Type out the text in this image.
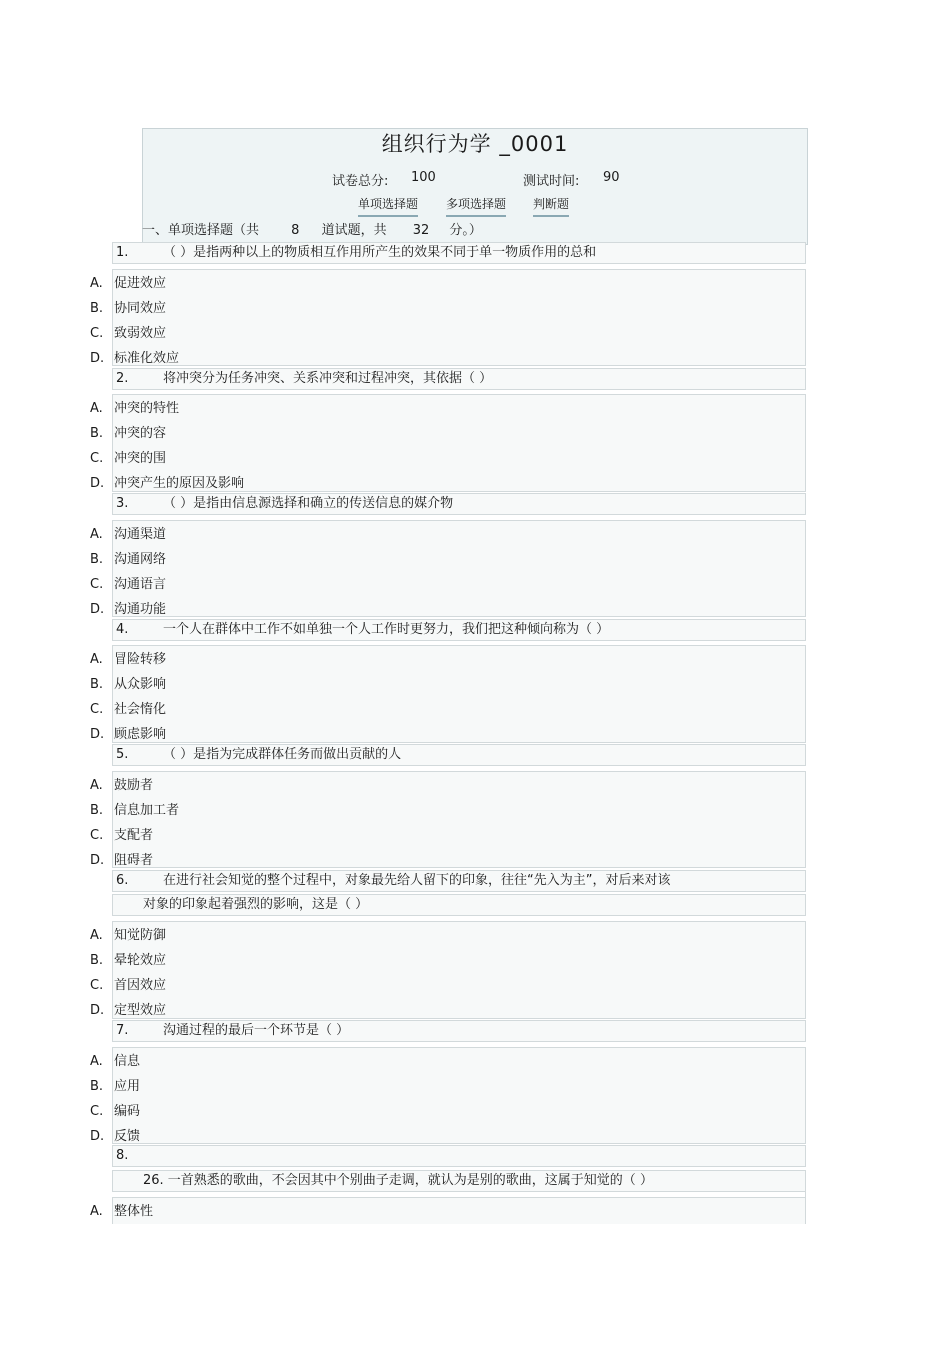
组织行为学 _0001
试卷总分: 100	测试时间: 90
单项选择题 多项选择题 判断题
一、单项选择题（共 8 道试题，共 32 分。）
1.	（ ）是指两种以上的物质相互作用所产生的效果不同于单一物质作用的总和
A. 促进效应
B. 协同效应
C. 致弱效应
D. 标准化效应
2.	将冲突分为任务冲突、关系冲突和过程冲突，其依据（ ）
A. 冲突的特性
B. 冲突的容
C. 冲突的围
D. 冲突产生的原因及影响
3.	（ ）是指由信息源选择和确立的传送信息的媒介物
A. 沟通渠道
B. 沟通网络
C. 沟通语言
D. 沟通功能
4.	一个人在群体中工作不如单独一个人工作时更努力，我们把这种倾向称为（ ）
A. 冒险转移
B. 从众影响
C. 社会惰化
D. 顾虑影响
5.	（ ）是指为完成群体任务而做出贡献的人
A. 鼓励者
B. 信息加工者
C. 支配者
D. 阻碍者
6.	在进行社会知觉的整个过程中，对象最先给人留下的印象，往往“先入为主”，对后来对该
对象的印象起着强烈的影响，这是（ ）
A. 知觉防御
B. 晕轮效应
C. 首因效应
D. 定型效应
7.	沟通过程的最后一个环节是（ ）
A. 信息
B. 应用
C. 编码
D. 反馈
8.
26. 一首熟悉的歌曲，不会因其中个别曲子走调，就认为是别的歌曲，这属于知觉的（ ）
A. 整体性
